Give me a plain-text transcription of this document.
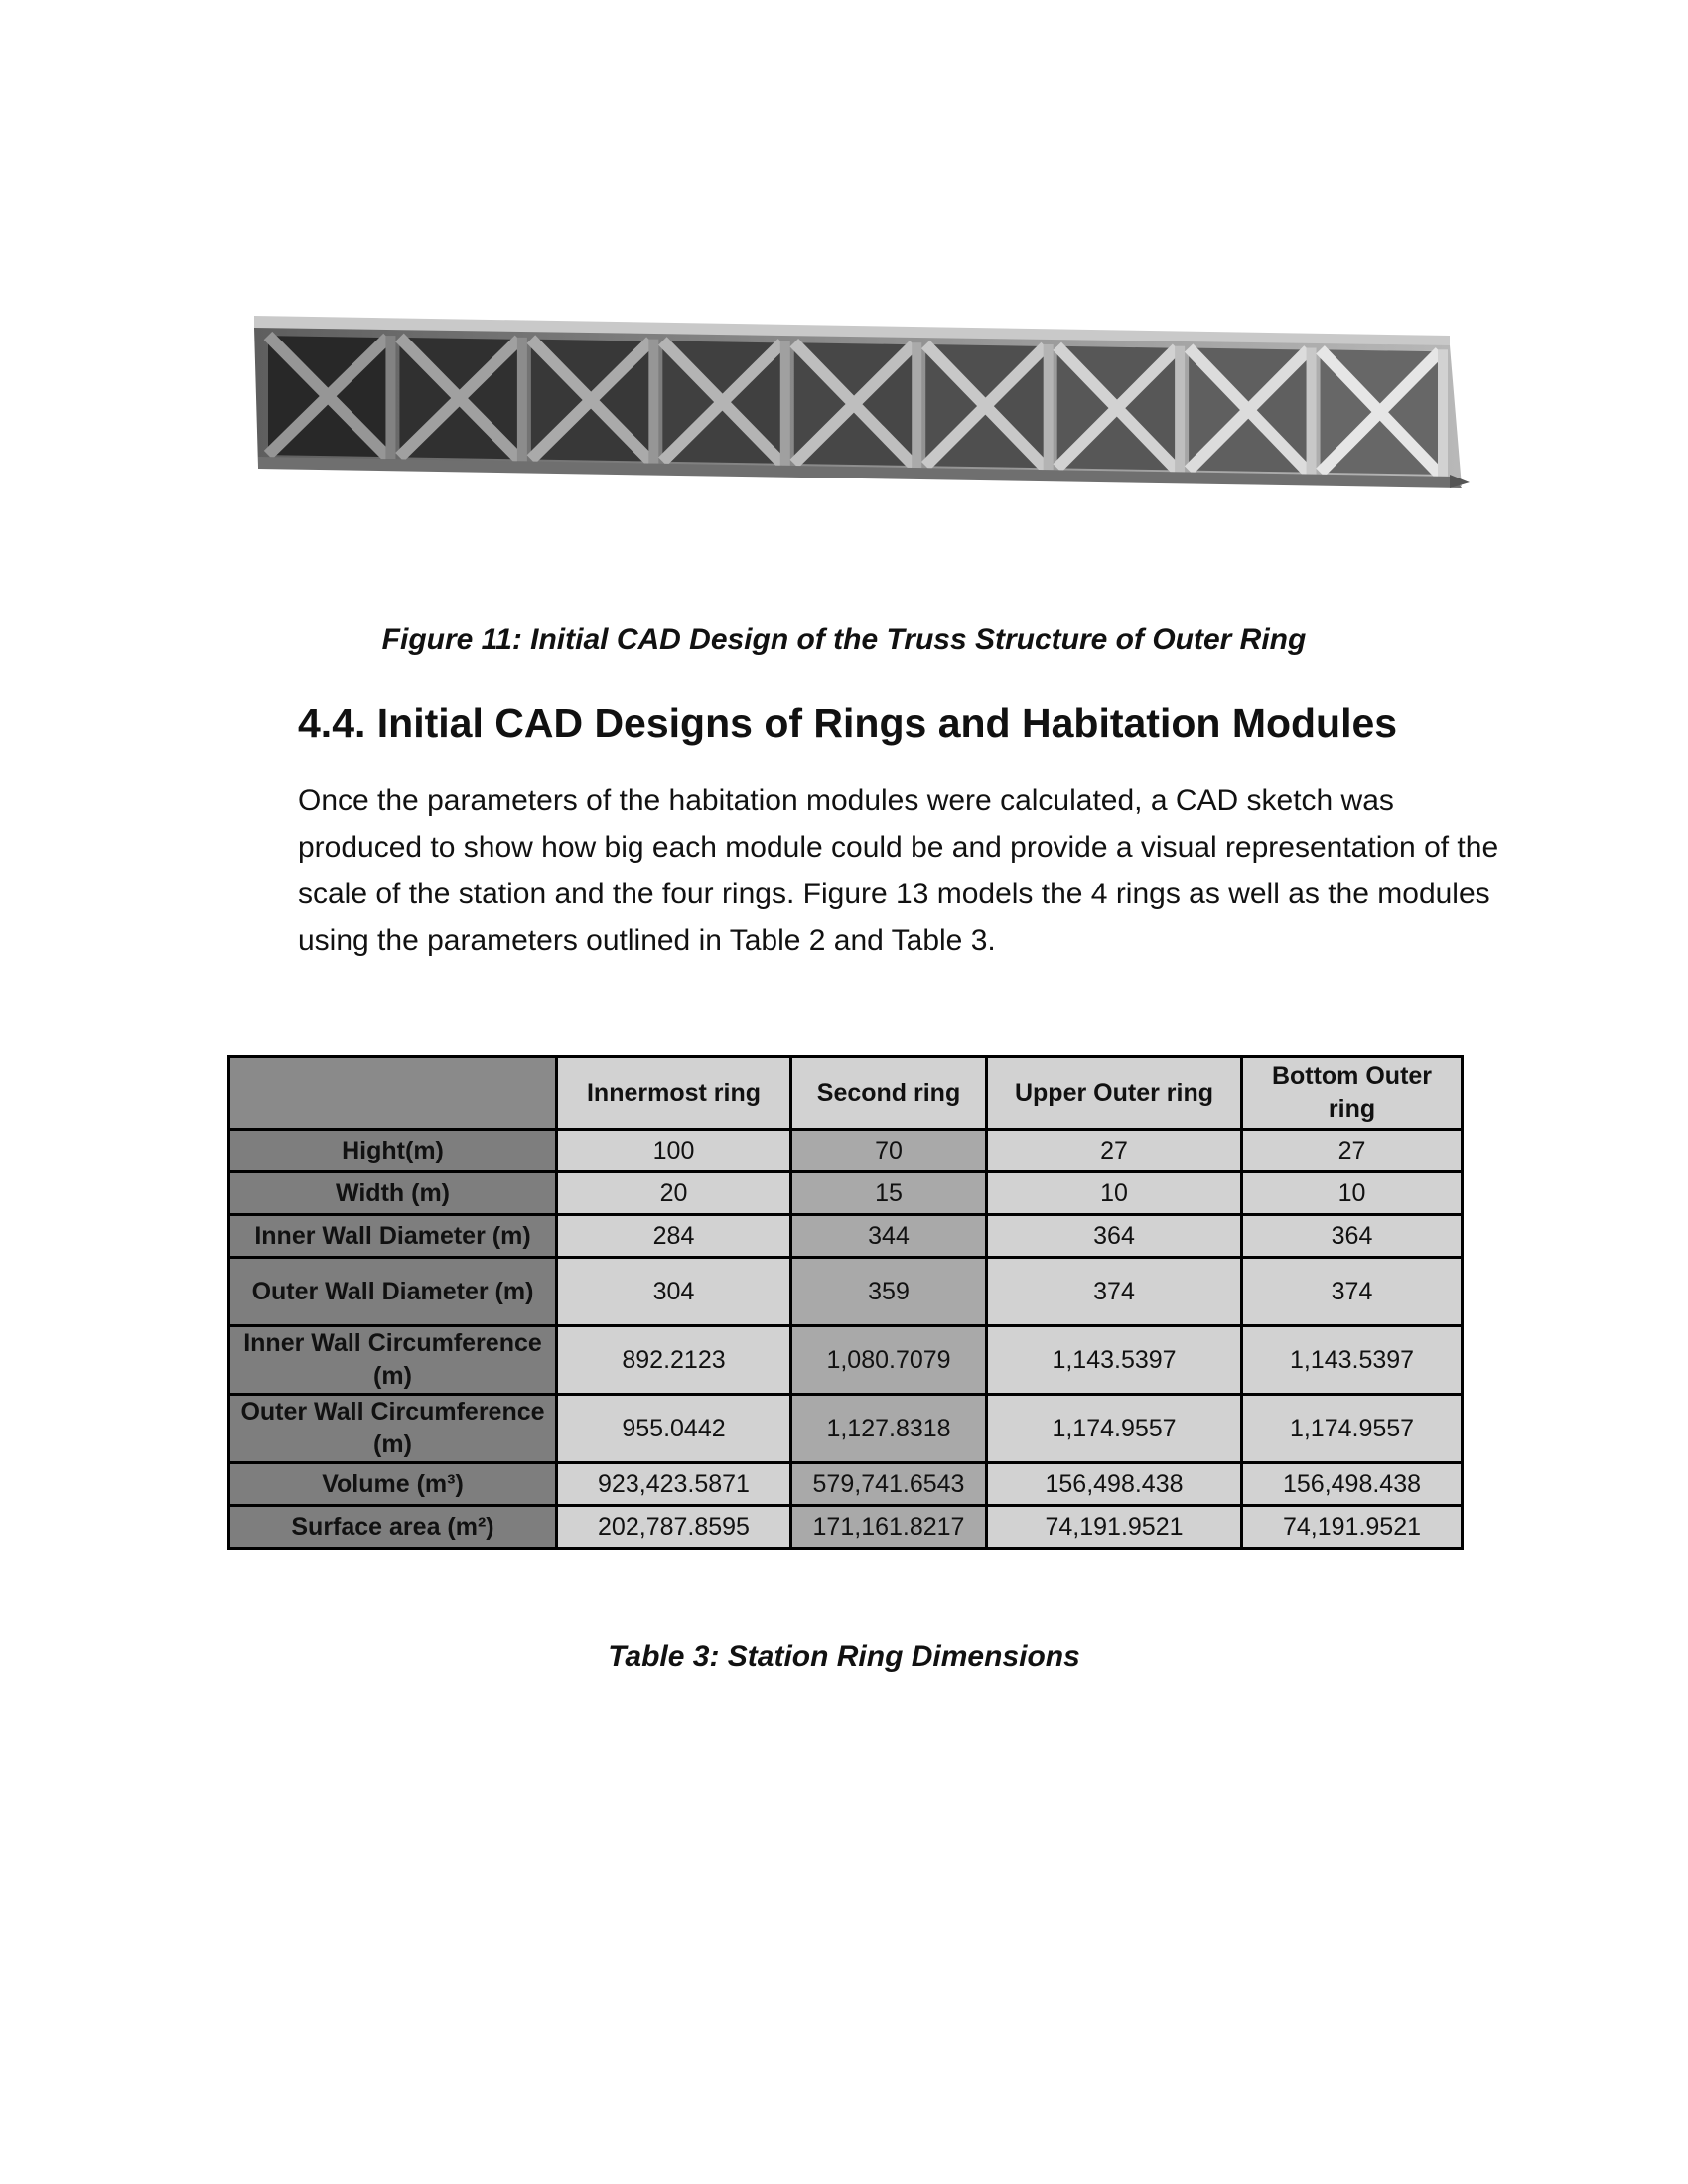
Figure 11: Initial CAD Design of the Truss Structure of Outer Ring
4.4. Initial CAD Designs of Rings and Habitation Modules

Once the parameters of the habitation modules were calculated, a CAD sketch was produced to show how big each module could be and provide a visual representation of the scale of the station and the four rings. Figure 13 models the 4 rings as well as the modules using the parameters outlined in Table 2 and Table 3.

	Innermost ring	Second ring	Upper Outer ring	Bottom Outer ring
Hight(m)	100	70	27	27
Width (m)	20	15	10	10
Inner Wall Diameter (m)	284	344	364	364
Outer Wall Diameter (m)	304	359	374	374
Inner Wall Circumference (m)	892.2123	1,080.7079	1,143.5397	1,143.5397
Outer Wall Circumference (m)	955.0442	1,127.8318	1,174.9557	1,174.9557
Volume (m³)	923,423.5871	579,741.6543	156,498.438	156,498.438
Surface area (m²)	202,787.8595	171,161.8217	74,191.9521	74,191.9521
Table 3: Station Ring Dimensions
